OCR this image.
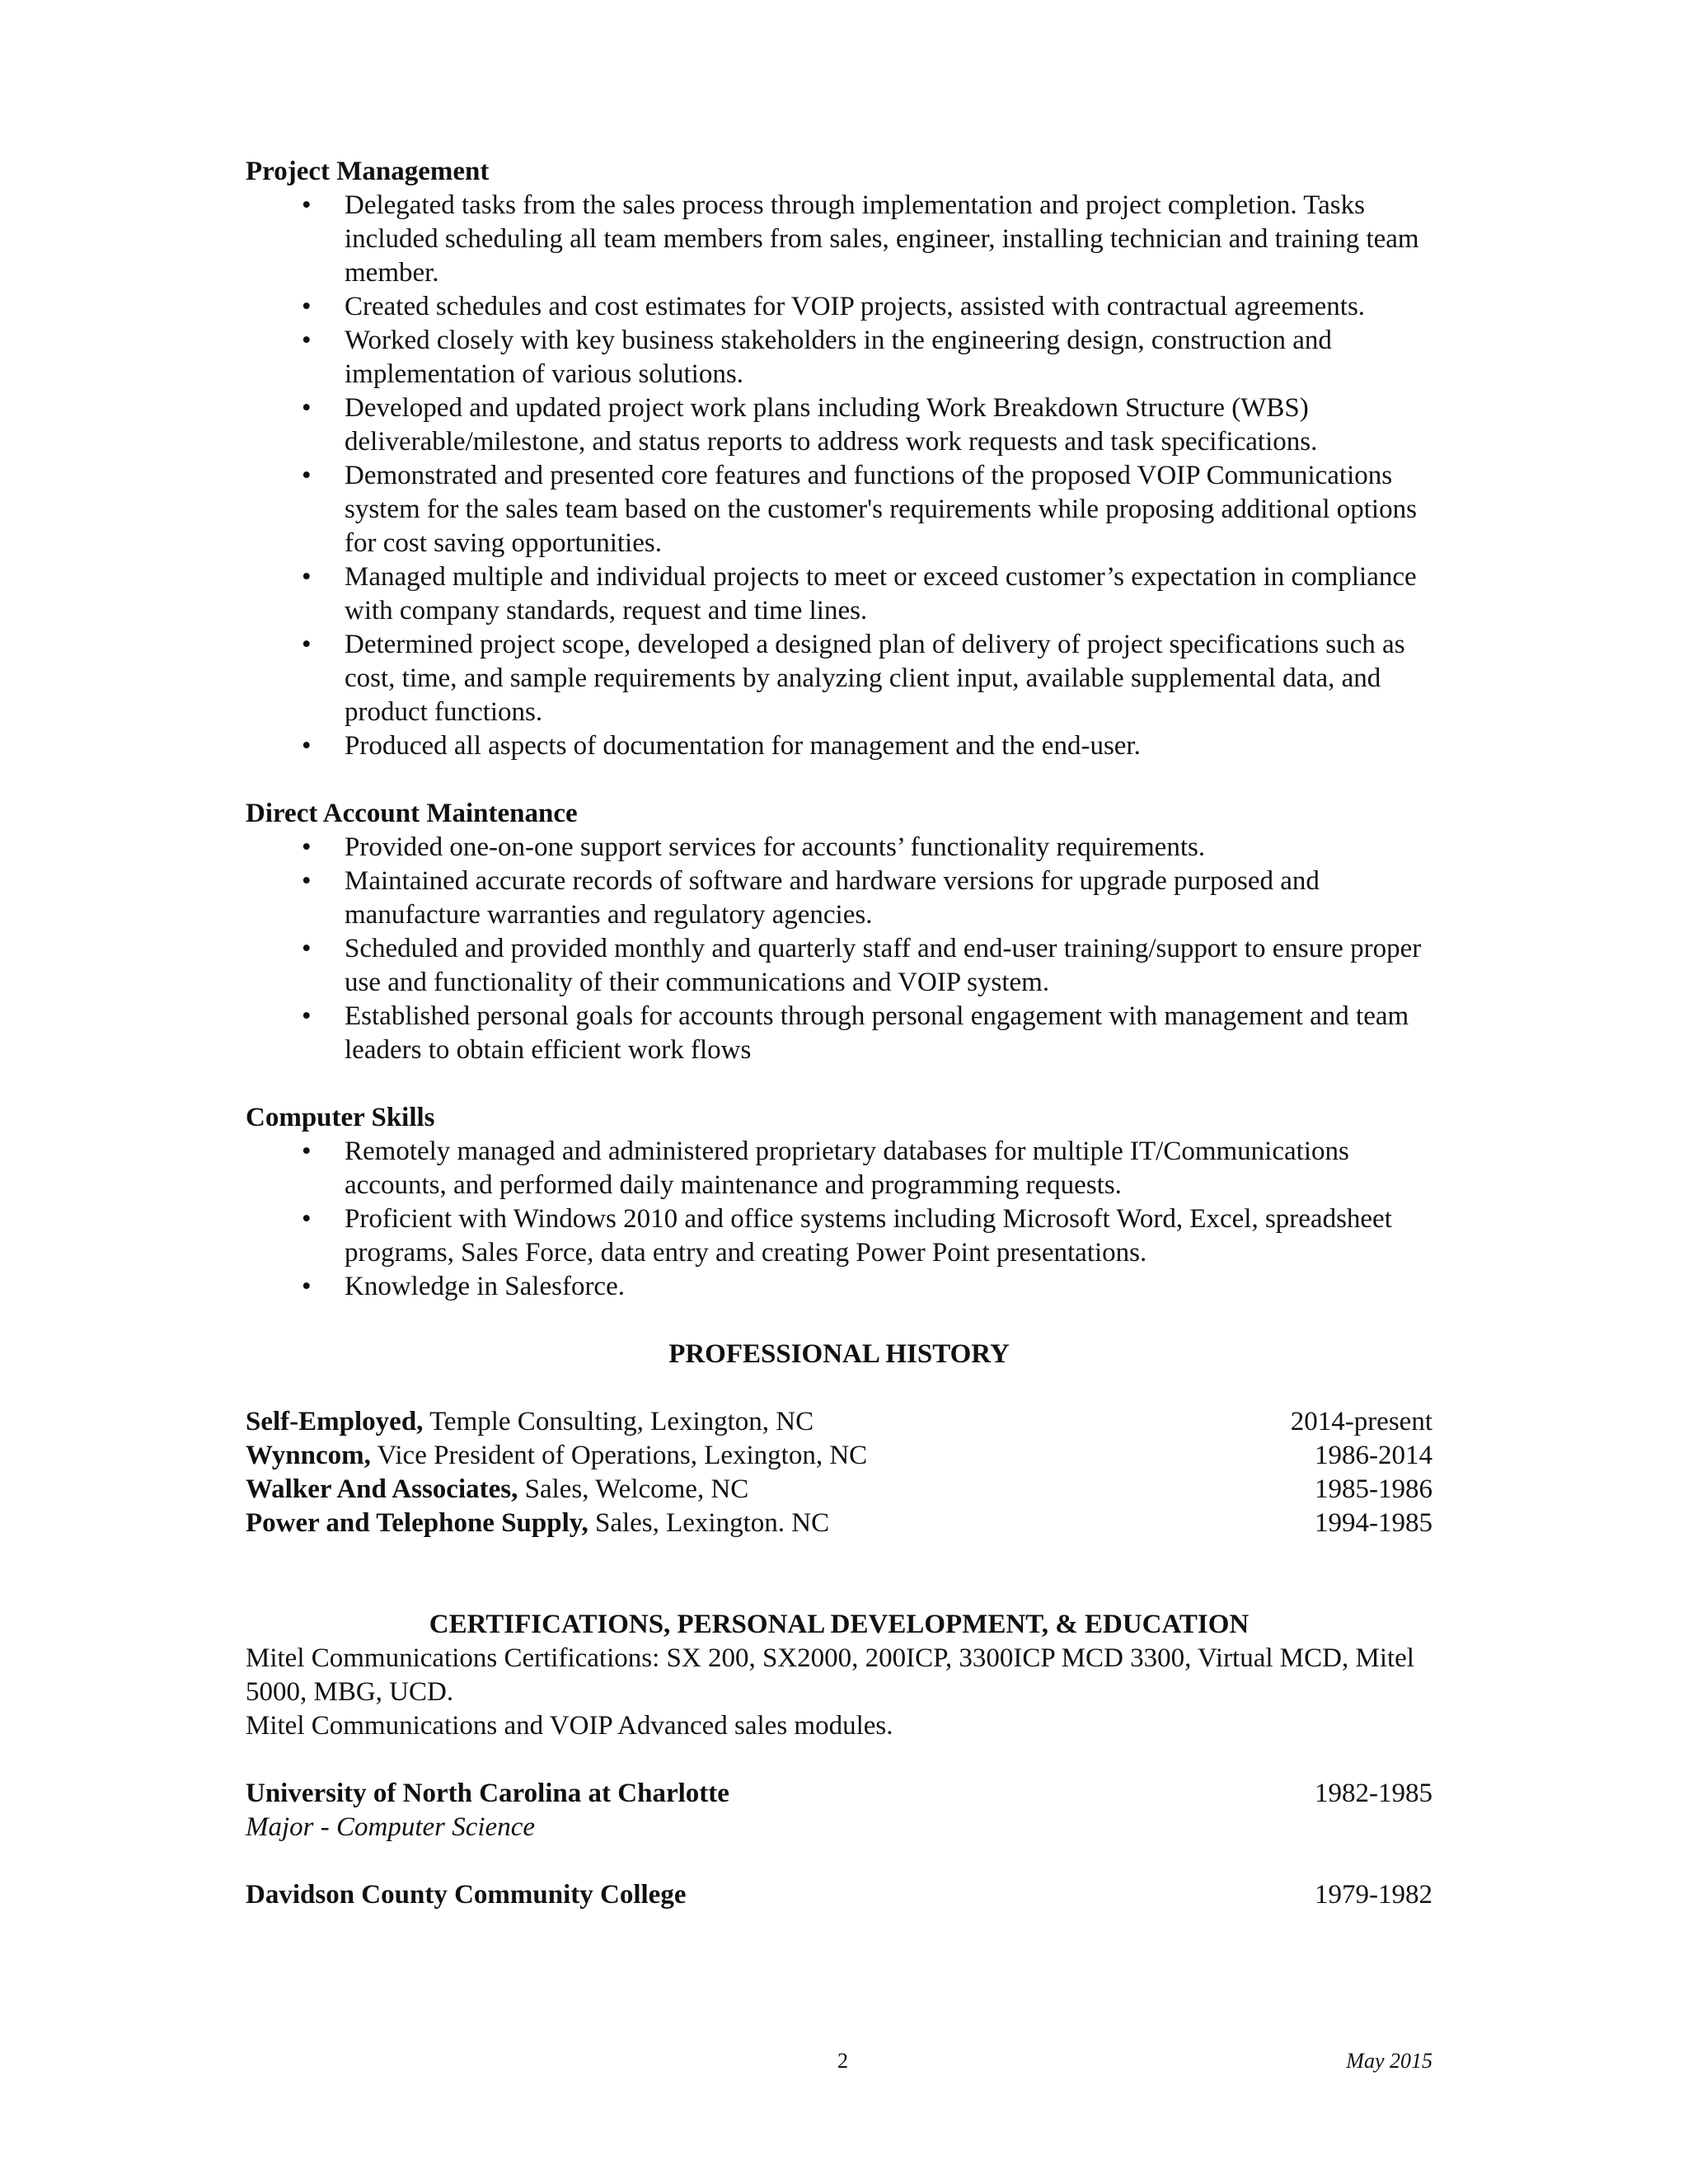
Project Management

• Delegated tasks from the sales process through implementation and project completion. Tasks included scheduling all team members from sales, engineer, installing technician and training team member.
• Created schedules and cost estimates for VOIP projects, assisted with contractual agreements.
• Worked closely with key business stakeholders in the engineering design, construction and implementation of various solutions.
• Developed and updated project work plans including Work Breakdown Structure (WBS) deliverable/milestone, and status reports to address work requests and task specifications.
• Demonstrated and presented core features and functions of the proposed VOIP Communications system for the sales team based on the customer's requirements while proposing additional options for cost saving opportunities.
• Managed multiple and individual projects to meet or exceed customer’s expectation in compliance with company standards, request and time lines.
• Determined project scope, developed a designed plan of delivery of project specifications such as cost, time, and sample requirements by analyzing client input, available supplemental data, and product functions.
• Produced all aspects of documentation for management and the end-user.

Direct Account Maintenance

• Provided one-on-one support services for accounts’ functionality requirements.
• Maintained accurate records of software and hardware versions for upgrade purposed and manufacture warranties and regulatory agencies.
• Scheduled and provided monthly and quarterly staff and end-user training/support to ensure proper use and functionality of their communications and VOIP system.
• Established personal goals for accounts through personal engagement with management and team leaders to obtain efficient work flows

Computer Skills

• Remotely managed and administered proprietary databases for multiple IT/Communications accounts, and performed daily maintenance and programming requests.
• Proficient with Windows 2010 and office systems including Microsoft Word, Excel, spreadsheet programs, Sales Force, data entry and creating Power Point presentations.
• Knowledge in Salesforce.

PROFESSIONAL HISTORY

Self-Employed, Temple Consulting, Lexington, NC	2014-present
Wynncom, Vice President of Operations, Lexington, NC	1986-2014
Walker And Associates, Sales, Welcome, NC	1985-1986
Power and Telephone Supply, Sales, Lexington. NC	1994-1985

CERTIFICATIONS, PERSONAL DEVELOPMENT, & EDUCATION

Mitel Communications Certifications: SX 200, SX2000, 200ICP, 3300ICP MCD 3300, Virtual MCD, Mitel 5000, MBG, UCD.
Mitel Communications and VOIP Advanced sales modules.
University of North Carolina at Charlotte	1982-1985
Major - Computer Science
Davidson County Community College	1979-1982
2	May 2015
